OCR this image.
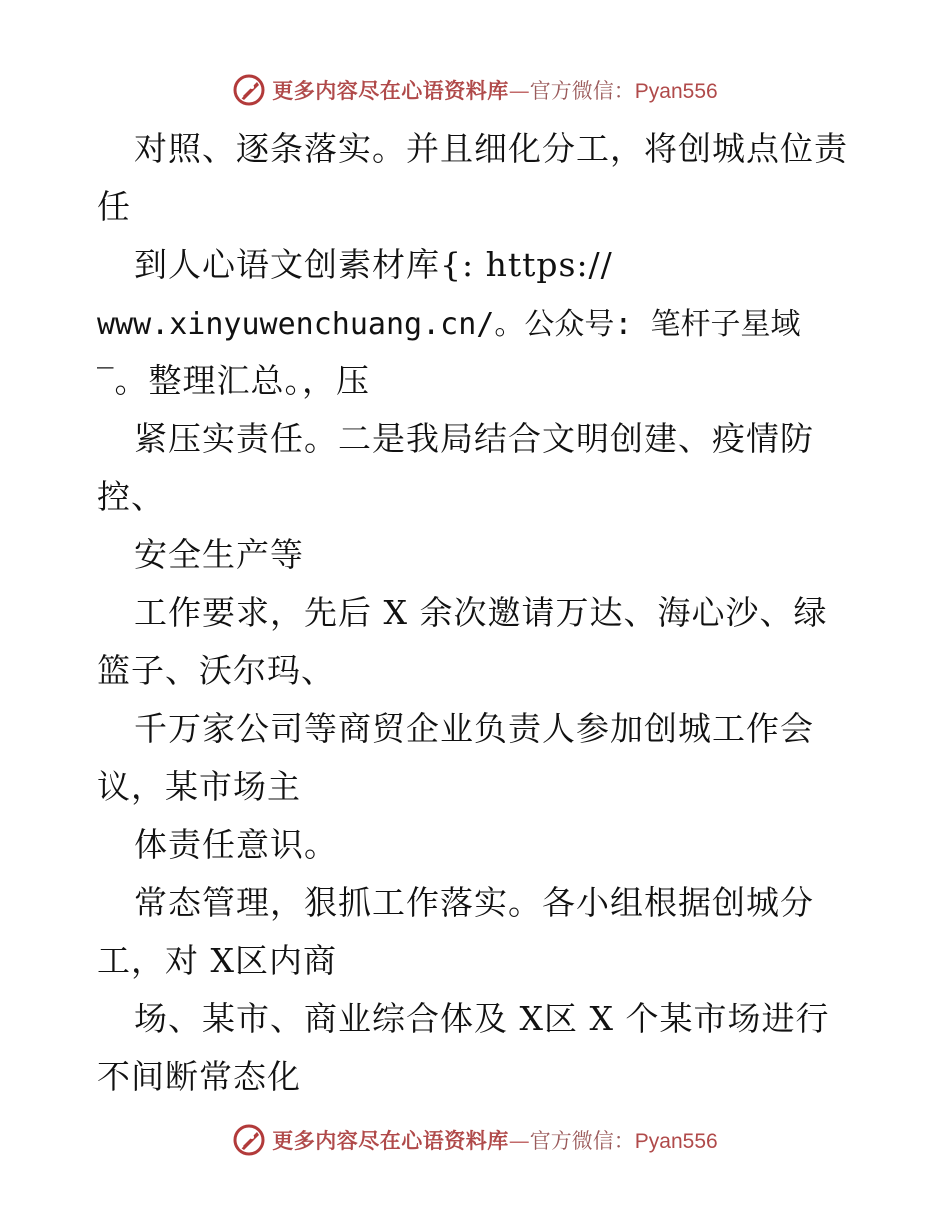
更多内容尽在心语资料库 — 官方微信： Pyan556
对照、逐条落实。并且细化分工，将创城点位责
任
到人心语文创素材库{: https://
www.xinyuwenchuang.cn/。公众号: 笔杆子星域
‾。整理汇总。，压
紧压实责任。二是我局结合文明创建、疫情防
控、
安全生产等
工作要求，先后 X 余次邀请万达、海心沙、绿
篮子、沃尔玛、
千万家公司等商贸企业负责人参加创城工作会
议，某市场主
体责任意识。
常态管理，狠抓工作落实。各小组根据创城分
工，对 X区内商
场、某市、商业综合体及 X区 X 个某市场进行
不间断常态化
更多内容尽在心语资料库 — 官方微信： Pyan556
